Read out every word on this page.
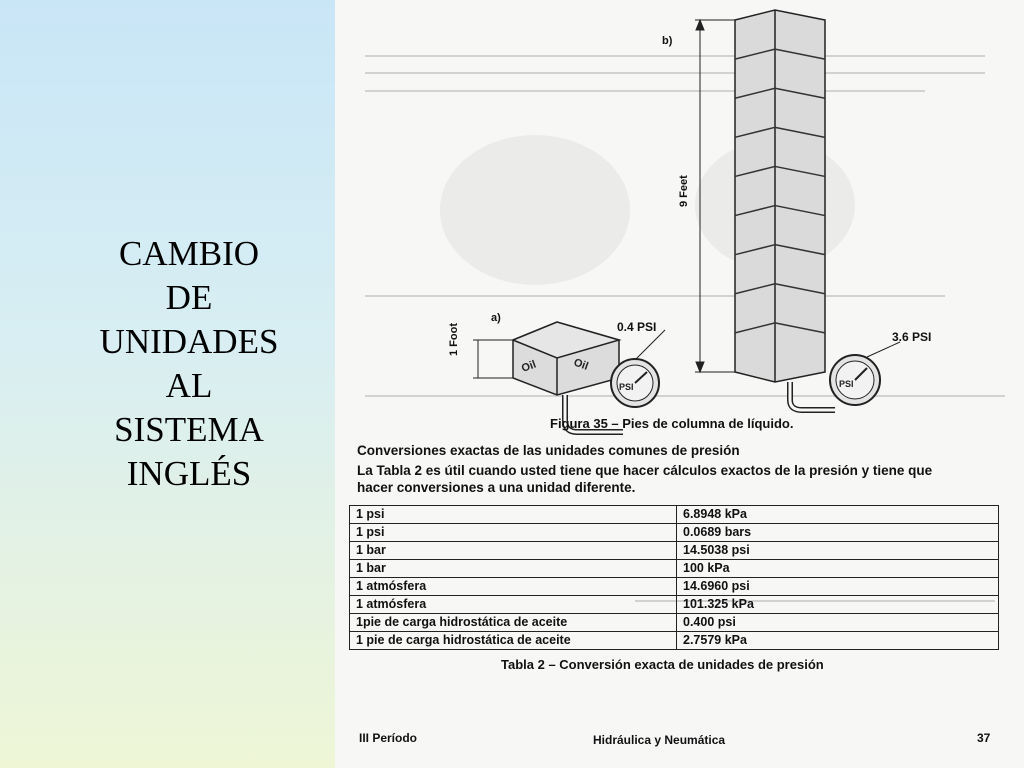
CAMBIO
DE
UNIDADES
AL
SISTEMA
INGLÉS
Oil	Oil
PSI	PSI
b)
a)
0.4 PSI
3.6 PSI
1 Foot
9 Feet
Figura 35 – Pies de columna de líquido.
Conversiones exactas de las unidades comunes de presión
La Tabla 2 es útil cuando usted tiene que hacer cálculos exactos de la presión y tiene que
hacer conversiones a una unidad diferente.
1 psi	6.8948 kPa
1 psi	0.0689 bars
1 bar	14.5038 psi
1 bar	100 kPa
1 atmósfera	14.6960 psi
1 atmósfera	101.325 kPa
1pie de carga hidrostática de aceite	0.400 psi
1 pie de carga hidrostática de aceite	2.7579 kPa
Tabla 2 – Conversión exacta de unidades de presión
III Período	Hidráulica y Neumática	37
